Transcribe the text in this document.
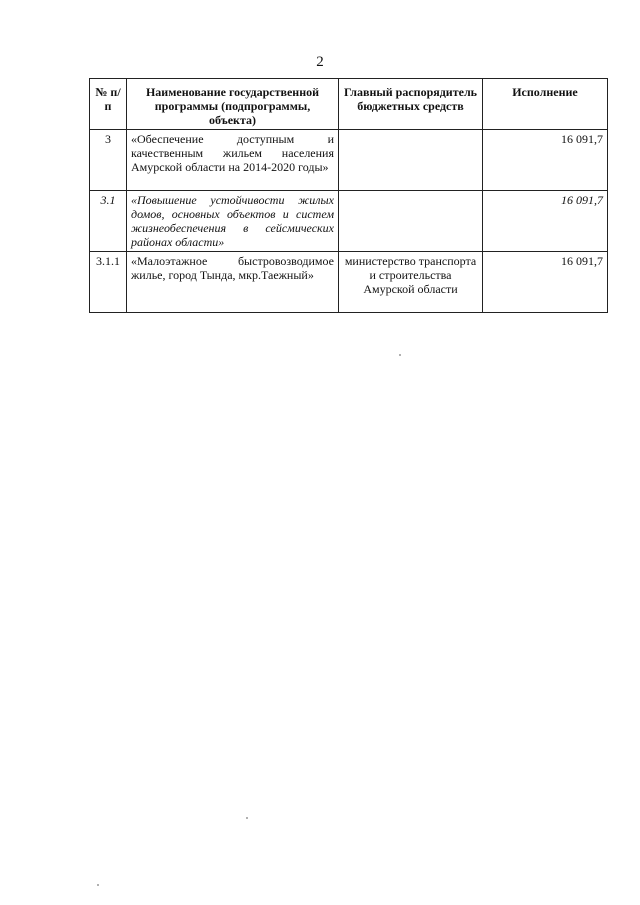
2
№ п/п	Наименование государственной программы (подпрограммы, объекта)	Главный распорядитель бюджетных средств	Исполнение
3	«Обеспечение доступным и качественным жильем населения Амурской области на 2014-2020 годы»		16 091,7
3.1	«Повышение устойчивости жилых домов, основных объектов и систем жизнеобеспечения в сейсмических районах области»		16 091,7
3.1.1	«Малоэтажное быстровозводимое жилье, город Тында, мкр.Таежный»	министерство транспорта и строительства Амурской области	16 091,7
